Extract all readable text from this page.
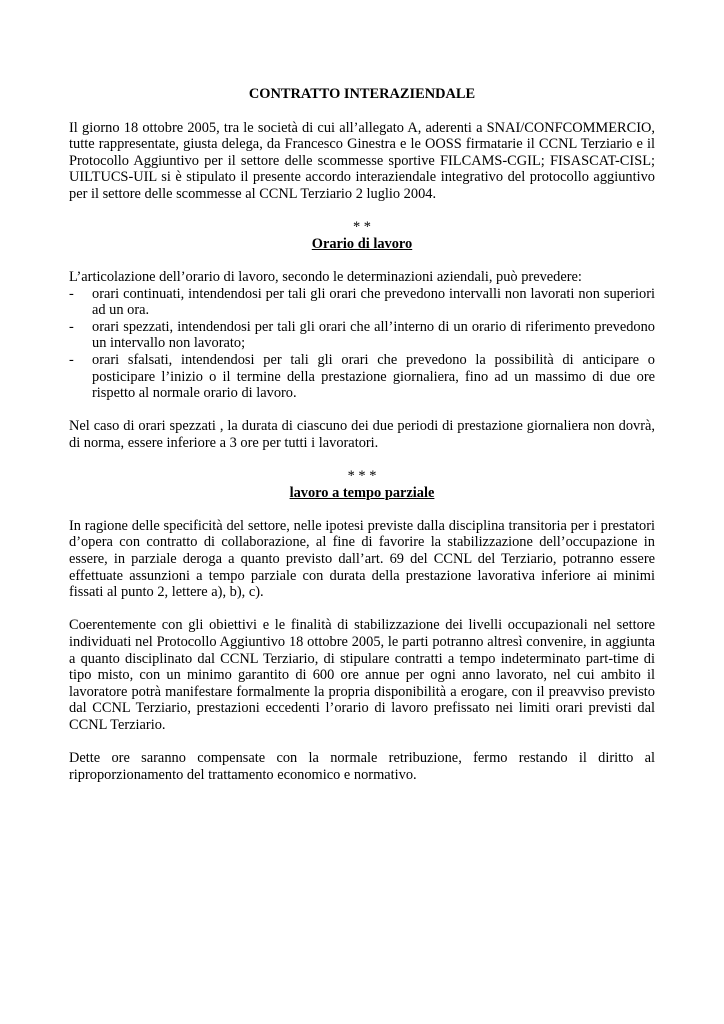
CONTRATTO INTERAZIENDALE

Il giorno 18 ottobre 2005, tra le società di cui all’allegato A, aderenti a SNAI/CONFCOMMERCIO, tutte rappresentate, giusta delega, da Francesco Ginestra e le OOSS firmatarie il CCNL Terziario e il Protocollo Aggiuntivo per il settore delle scommesse sportive FILCAMS-CGIL; FISASCAT-CISL; UILTUCS-UIL si è stipulato il presente accordo interaziendale integrativo del protocollo aggiuntivo per il settore delle scommesse al CCNL Terziario 2 luglio 2004.

* *

Orario di lavoro

L’articolazione dell’orario di lavoro, secondo le determinazioni aziendali, può prevedere:

- orari continuati, intendendosi per tali gli orari che prevedono intervalli non lavorati non superiori ad un ora.
- orari spezzati, intendendosi per tali gli orari che all’interno di un orario di riferimento prevedono un intervallo non lavorato;
- orari sfalsati, intendendosi per tali gli orari che prevedono la possibilità di anticipare o posticipare l’inizio o il termine della prestazione giornaliera, fino ad un massimo di due ore rispetto al normale orario di lavoro.

Nel caso di orari spezzati , la durata di ciascuno dei due periodi di prestazione giornaliera non dovrà, di norma, essere inferiore a 3 ore per tutti i lavoratori.

* * *

lavoro a tempo parziale

In ragione delle specificità del settore, nelle ipotesi previste dalla disciplina transitoria per i prestatori d’opera con contratto di collaborazione, al fine di favorire la stabilizzazione dell’occupazione in essere, in parziale deroga a quanto previsto dall’art. 69 del CCNL del Terziario, potranno essere effettuate assunzioni a tempo parziale con durata della prestazione lavorativa inferiore ai minimi fissati al punto 2, lettere a), b), c).

Coerentemente con gli obiettivi e le finalità di stabilizzazione dei livelli occupazionali nel settore individuati nel Protocollo Aggiuntivo 18 ottobre 2005, le parti potranno altresì convenire, in aggiunta a quanto disciplinato dal CCNL Terziario, di stipulare contratti a tempo indeterminato part-time di tipo misto, con un minimo garantito di 600 ore annue per ogni anno lavorato, nel cui ambito il lavoratore potrà manifestare formalmente la propria disponibilità a erogare, con il preavviso previsto dal CCNL Terziario, prestazioni eccedenti l’orario di lavoro prefissato nei limiti orari previsti dal CCNL Terziario.

Dette ore saranno compensate con la normale retribuzione, fermo restando il diritto al riproporzionamento del trattamento economico e normativo.
